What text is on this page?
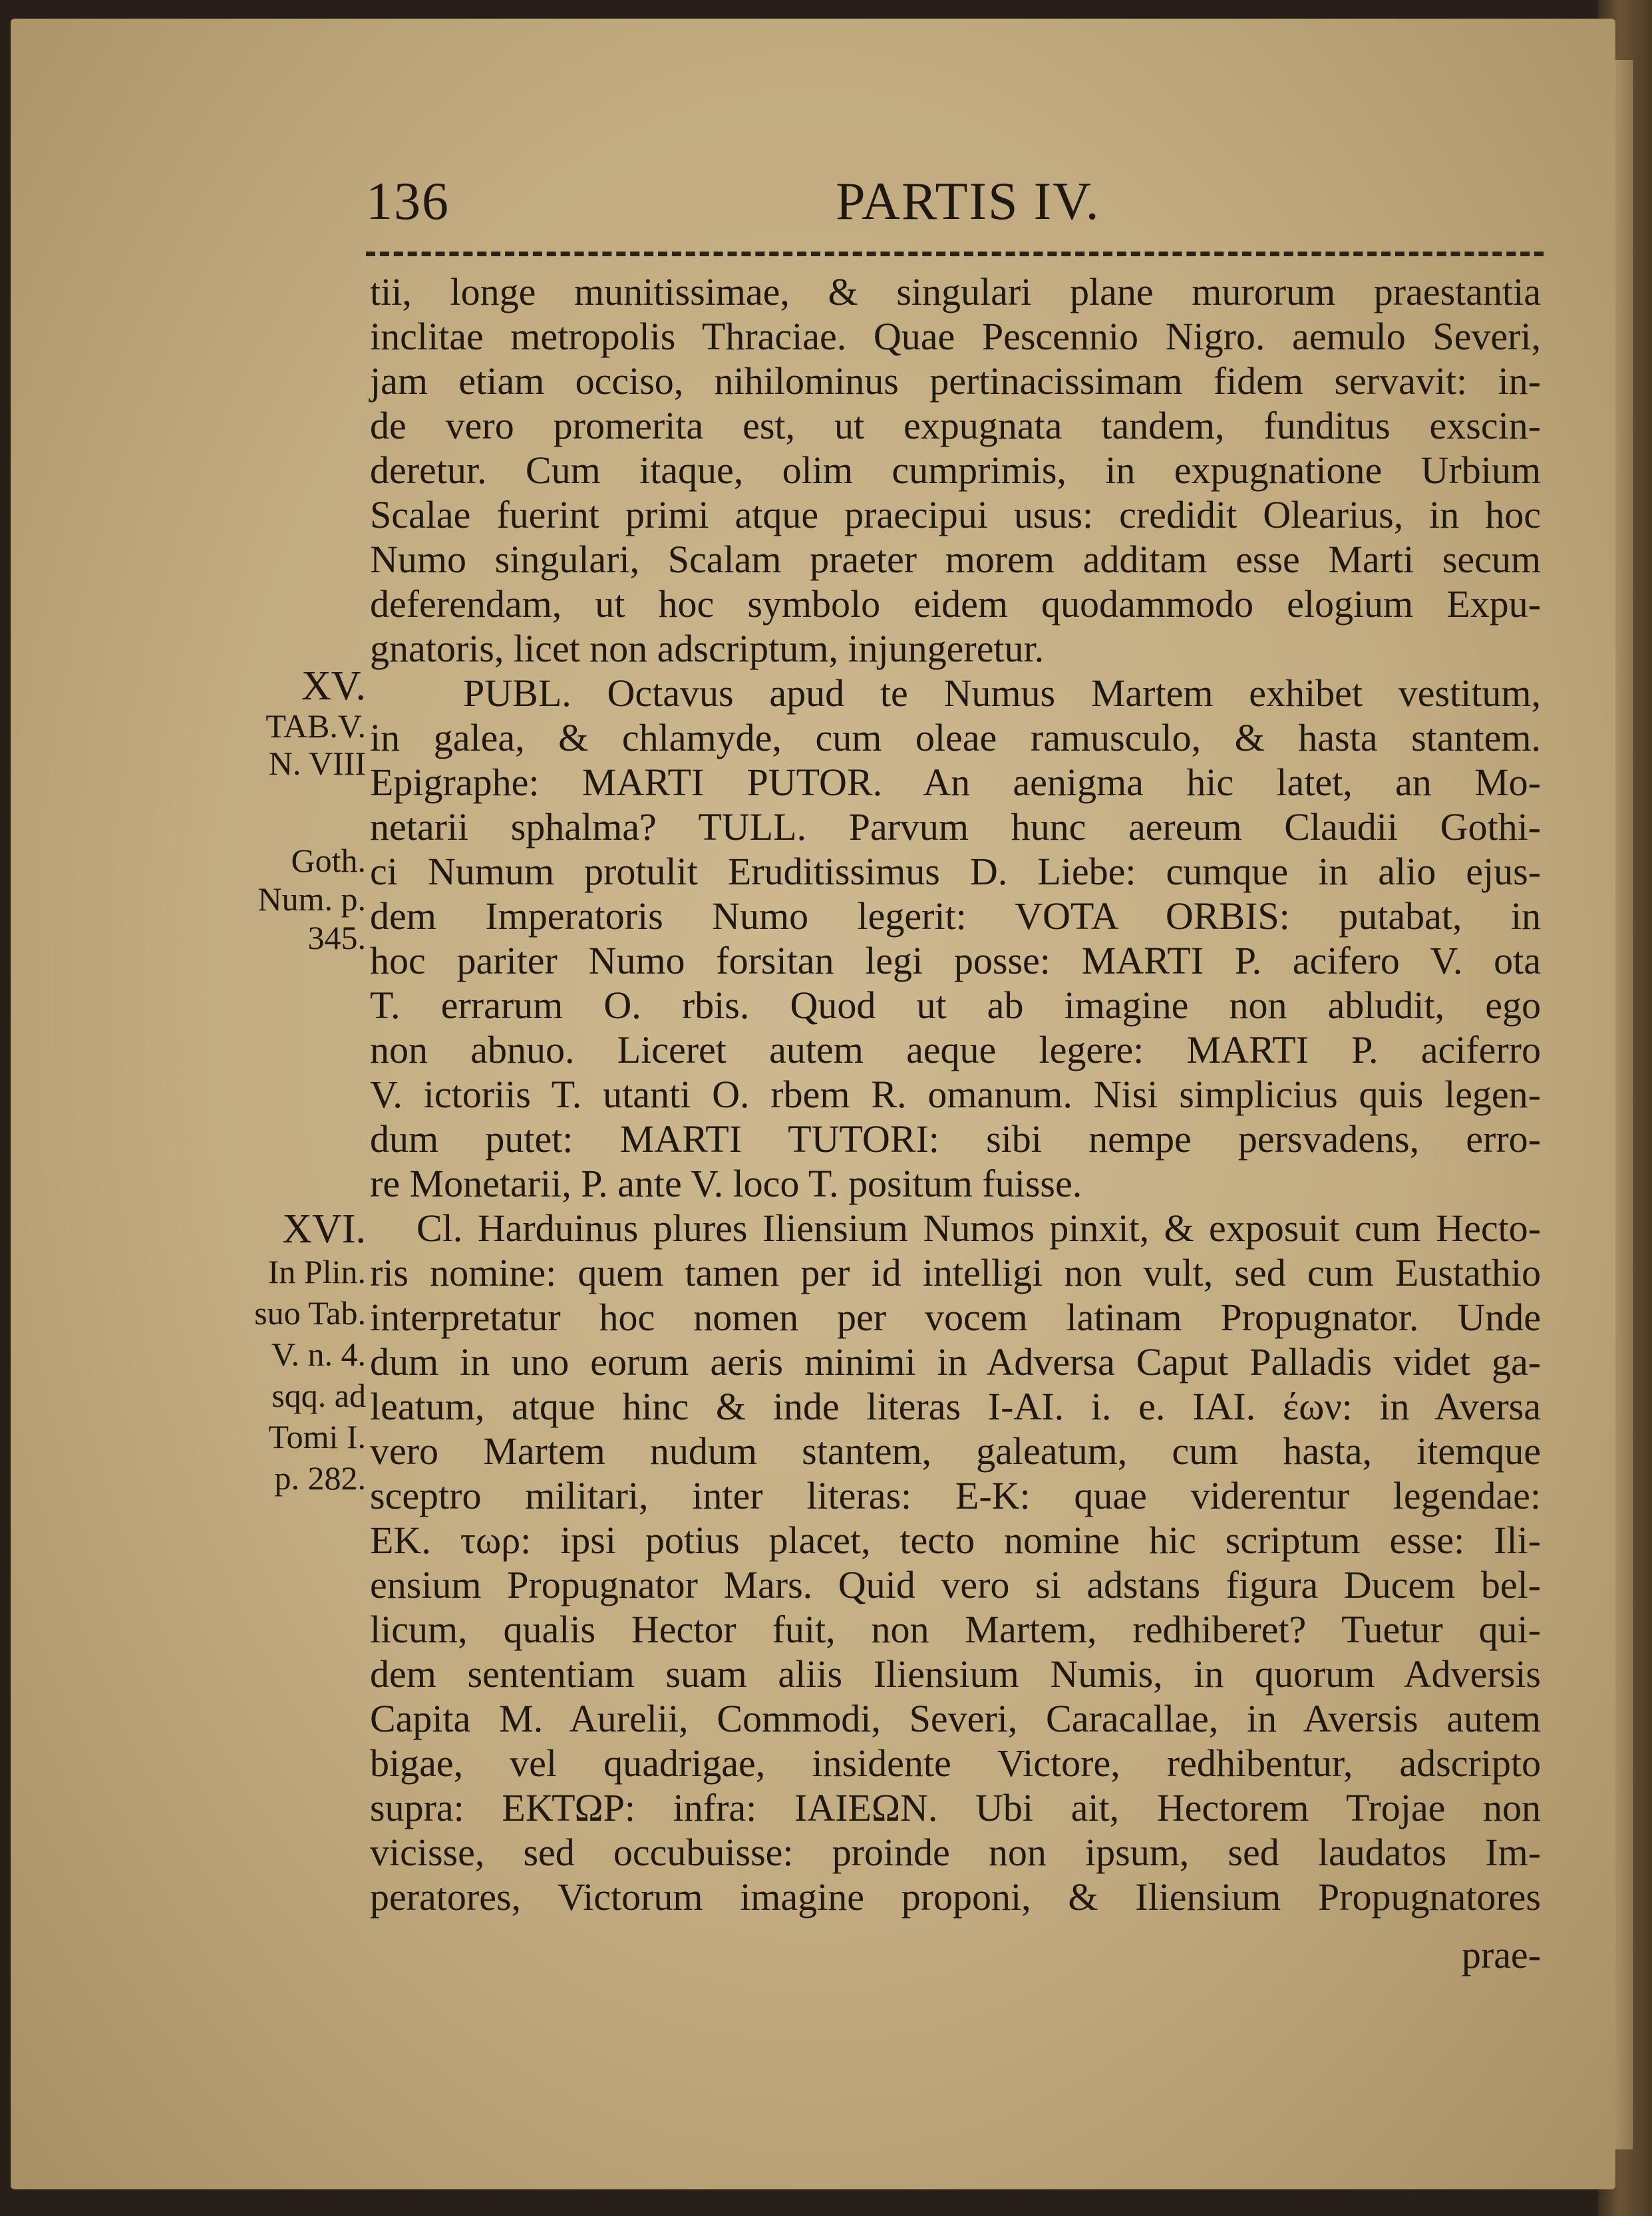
136	PARTIS IV.
tii, longe munitissimae, & singulari plane murorum praestantia
inclitae metropolis Thraciae. Quae Pescennio Nigro. aemulo Severi,
jam etiam occiso, nihilominus pertinacissimam fidem servavit: in-
de vero promerita est, ut expugnata tandem, funditus exscin-
deretur. Cum itaque, olim cumprimis, in expugnatione Urbium
Scalae fuerint primi atque praecipui usus: credidit Olearius, in hoc
Numo singulari, Scalam praeter morem additam esse Marti secum
deferendam, ut hoc symbolo eidem quodammodo elogium Expu-
gnatoris, licet non adscriptum, injungeretur.
PUBL. Octavus apud te Numus Martem exhibet vestitum,
in galea, & chlamyde, cum oleae ramusculo, & hasta stantem.
Epigraphe: MARTI PUTOR. An aenigma hic latet, an Mo-
netarii sphalma? TULL. Parvum hunc aereum Claudii Gothi-
ci Numum protulit Eruditissimus D. Liebe: cumque in alio ejus-
dem Imperatoris Numo legerit: VOTA ORBIS: putabat, in
hoc pariter Numo forsitan legi posse: MARTI P. acifero V. ota
T. errarum O. rbis. Quod ut ab imagine non abludit, ego
non abnuo. Liceret autem aeque legere: MARTI P. aciferro
V. ictoriis T. utanti O. rbem R. omanum. Nisi simplicius quis legen-
dum putet: MARTI TUTORI: sibi nempe persvadens, erro-
re Monetarii, P. ante V. loco T. positum fuisse.
Cl. Harduinus plures Iliensium Numos pinxit, & exposuit cum Hecto-
ris nomine: quem tamen per id intelligi non vult, sed cum Eustathio
interpretatur hoc nomen per vocem latinam Propugnator. Unde
dum in uno eorum aeris minimi in Adversa Caput Palladis videt ga-
leatum, atque hinc & inde literas I-AI. i. e. ΙΑΙ. έων: in Aversa
vero Martem nudum stantem, galeatum, cum hasta, itemque
sceptro militari, inter literas: E-K: quae viderentur legendae:
ΕΚ. τωρ: ipsi potius placet, tecto nomine hic scriptum esse: Ili-
ensium Propugnator Mars. Quid vero si adstans figura Ducem bel-
licum, qualis Hector fuit, non Martem, redhiberet? Tuetur qui-
dem sententiam suam aliis Iliensium Numis, in quorum Adversis
Capita M. Aurelii, Commodi, Severi, Caracallae, in Aversis autem
bigae, vel quadrigae, insidente Victore, redhibentur, adscripto
supra: ΕΚΤΩΡ: infra: ΙΑΙΕΩΝ. Ubi ait, Hectorem Trojae non
vicisse, sed occubuisse: proinde non ipsum, sed laudatos Im-
peratores, Victorum imagine proponi, & Iliensium Propugnatores
prae-
XV.
TAB.V.
N. VIII
Goth.
Num. p.
345.
XVI.
In Plin.
suo Tab.
V. n. 4.
sqq. ad
Tomi I.
p. 282.
